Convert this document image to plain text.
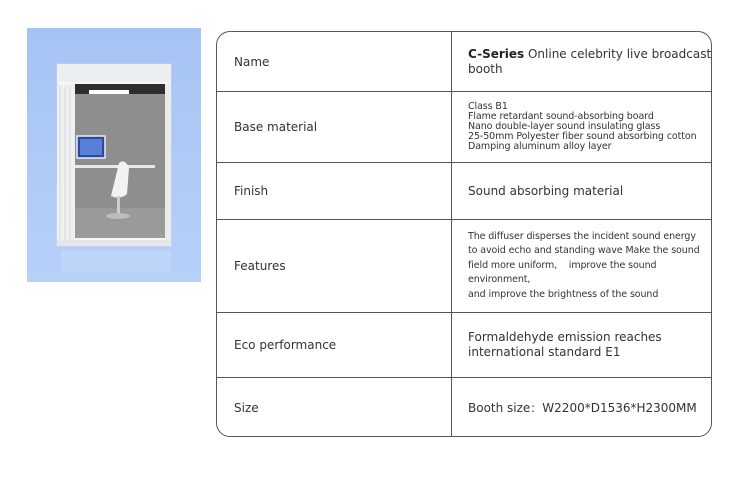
Name
C-Series Online celebrity live broadcast
booth
Base material
Class B1
Flame retardant sound-absorbing board
Nano double-layer sound insulating glass
25-50mm Polyester fiber sound absorbing cotton
Damping aluminum alloy layer
Finish	Sound absorbing material
Features
The diffuser disperses the incident sound energy
to avoid echo and standing wave Make the sound
field more uniform,    improve the sound
environment,
and improve the brightness of the sound
Eco performance
Formaldehyde emission reaches
international standard E1
Size	Booth size：W2200*D1536*H2300MM
